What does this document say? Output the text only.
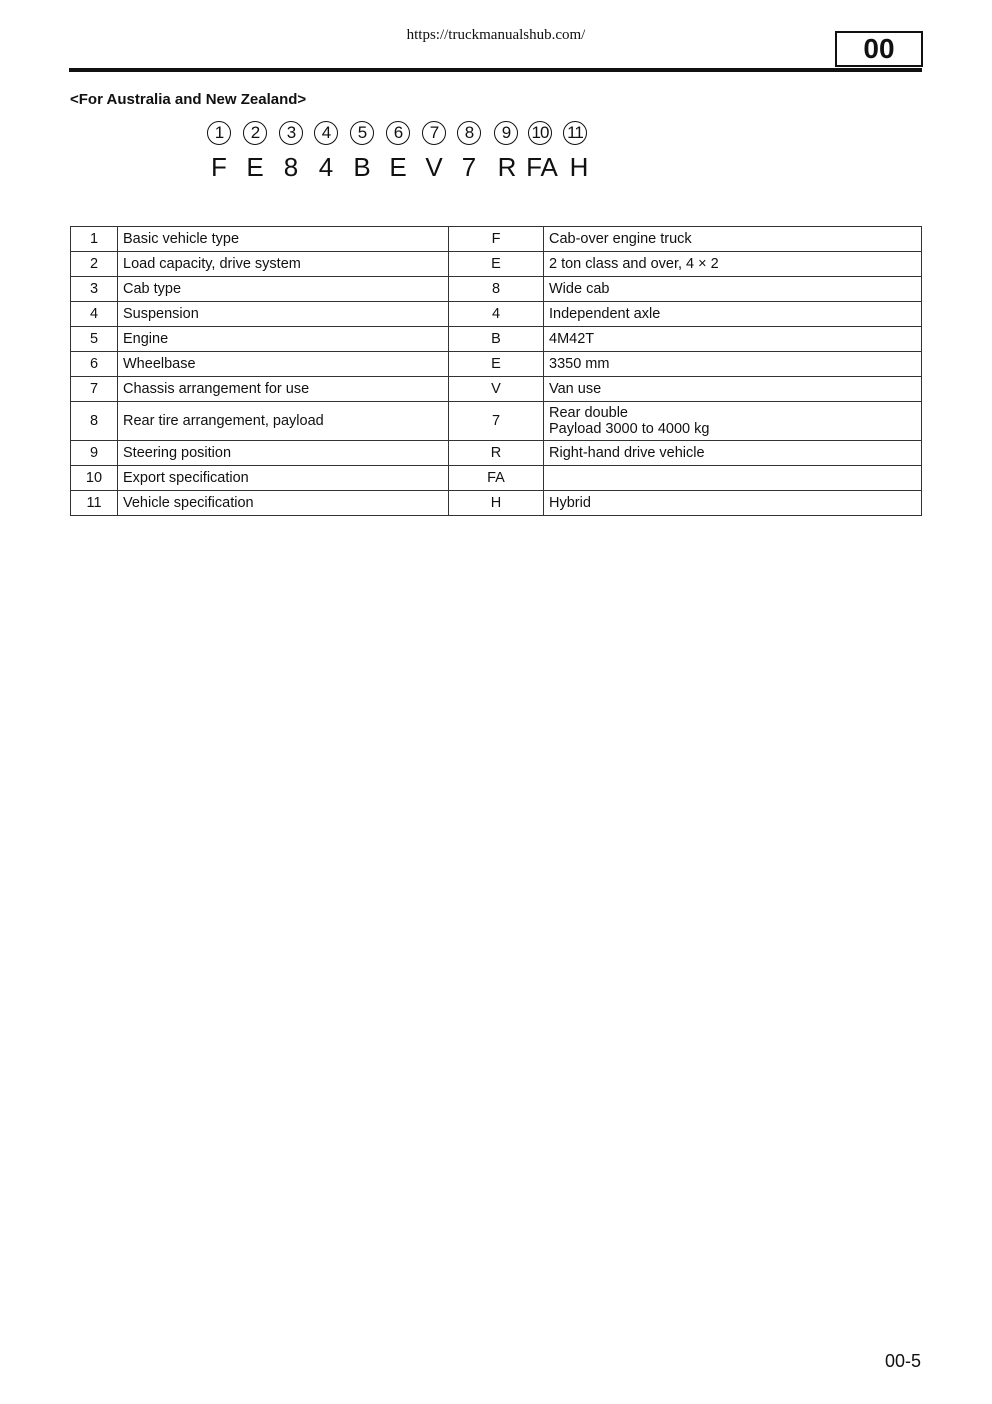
https://truckmanualshub.com/	00
<For Australia and New Zealand>
1	2	3	4	5	6	7	8	9	10	11
F E 8 4 B E V 7 R FA H
1	Basic vehicle type	F	Cab-over engine truck
2	Load capacity, drive system	E	2 ton class and over, 4 × 2
3	Cab type	8	Wide cab
4	Suspension	4	Independent axle
5	Engine	B	4M42T
6	Wheelbase	E	3350 mm
7	Chassis arrangement for use	V	Van use
8	Rear tire arrangement, payload	7	Rear double
Payload 3000 to 4000 kg

9	Steering position	R	Right-hand drive vehicle
10	Export specification	FA	
11	Vehicle specification	H	Hybrid
00-5
